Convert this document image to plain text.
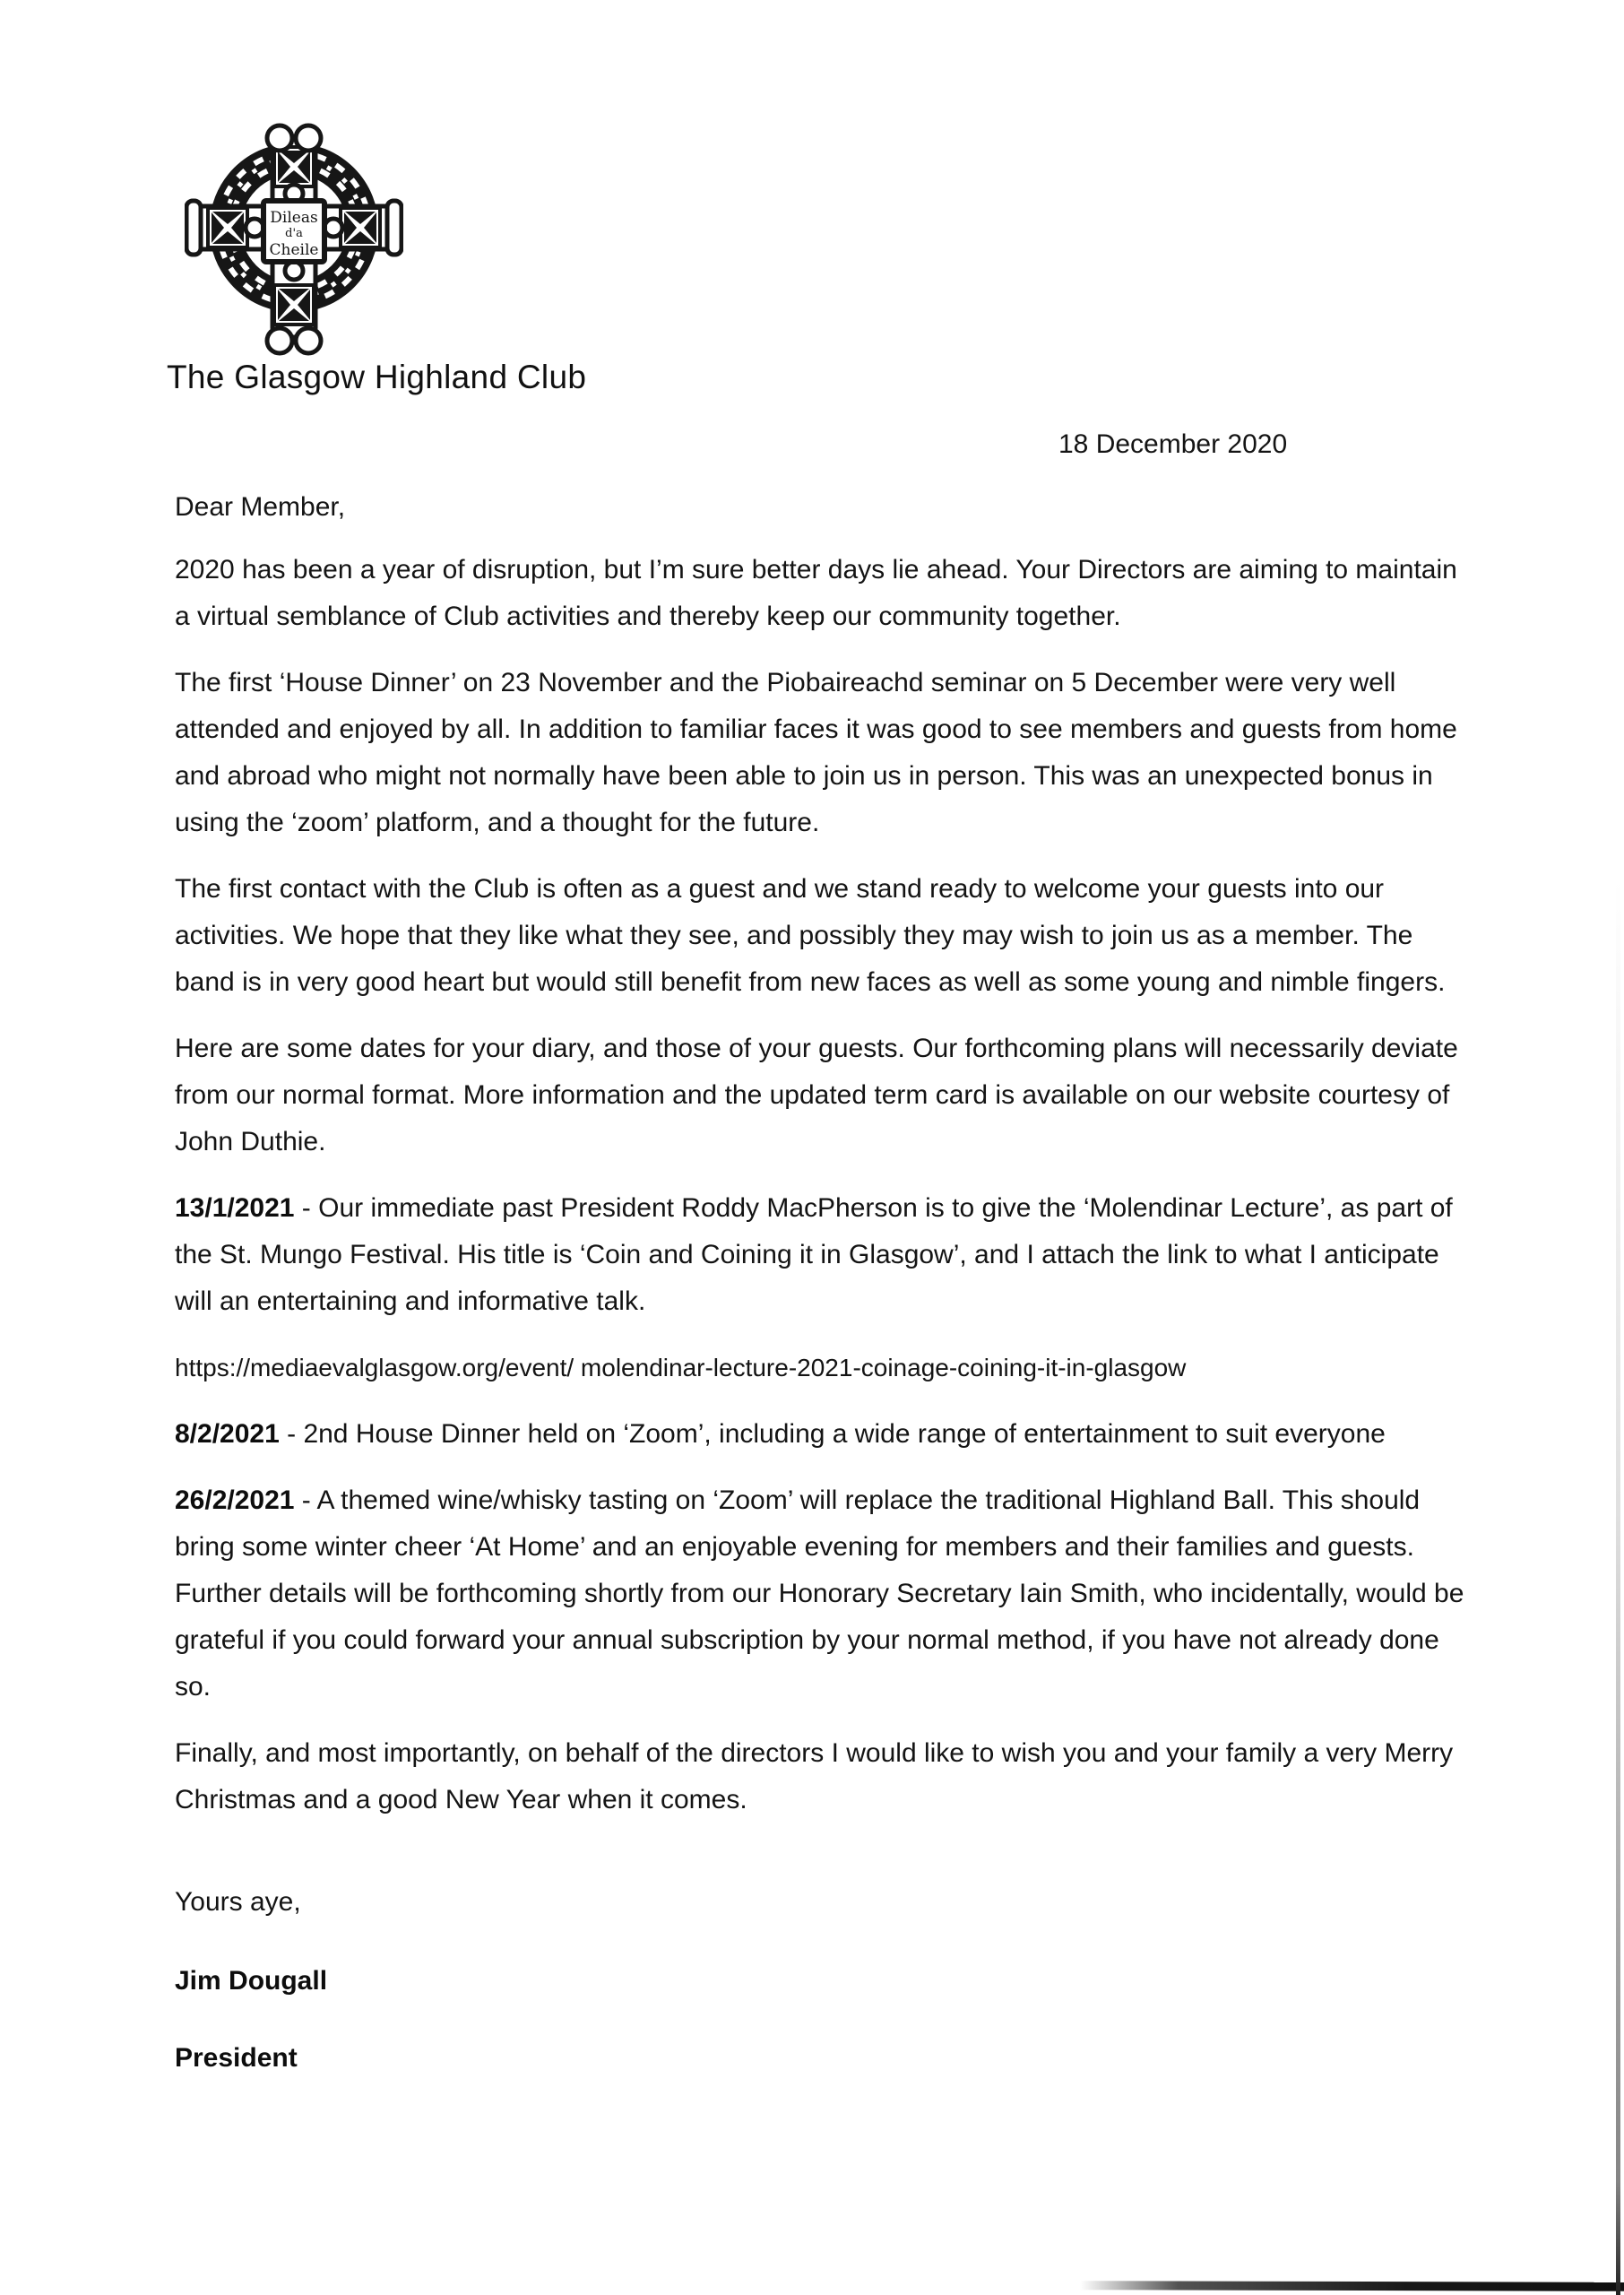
Dileas
d'a
Cheile
The Glasgow Highland Club

18 December 2020

Dear Member,

2020 has been a year of disruption, but I’m sure better days lie ahead. Your Directors are aiming to maintain a virtual semblance of Club activities and thereby keep our community together.

The first ‘House Dinner’ on 23 November and the Piobaireachd seminar on 5 December were very well attended and enjoyed by all. In addition to familiar faces it was good to see members and guests from home and abroad who might not normally have been able to join us in person. This was an unexpected bonus in using the ‘zoom’ platform, and a thought for the future.

The first contact with the Club is often as a guest and we stand ready to welcome your guests into our activities. We hope that they like what they see, and possibly they may wish to join us as a member. The band is in very good heart but would still benefit from new faces as well as some young and nimble fingers.

Here are some dates for your diary, and those of your guests. Our forthcoming plans will necessarily deviate from our normal format. More information and the updated term card is available on our website courtesy of John Duthie.

13/1/2021 - Our immediate past President Roddy MacPherson is to give the ‘Molendinar Lecture’, as part of the St. Mungo Festival. His title is ‘Coin and Coining it in Glasgow’, and I attach the link to what I anticipate will an entertaining and informative talk.

https://mediaevalglasgow.org/event/ molendinar-lecture-2021-coinage-coining-it-in-glasgow

8/2/2021 - 2nd House Dinner held on ‘Zoom’, including a wide range of entertainment to suit everyone

26/2/2021 - A themed wine/whisky tasting on ‘Zoom’ will replace the traditional Highland Ball. This should bring some winter cheer ‘At Home’ and an enjoyable evening for members and their families and guests. Further details will be forthcoming shortly from our Honorary Secretary Iain Smith, who incidentally, would be grateful if you could forward your annual subscription by your normal method, if you have not already done so.

Finally, and most importantly, on behalf of the directors I would like to wish you and your family a very Merry Christmas and a good New Year when it comes.

Yours aye,

Jim Dougall

President
